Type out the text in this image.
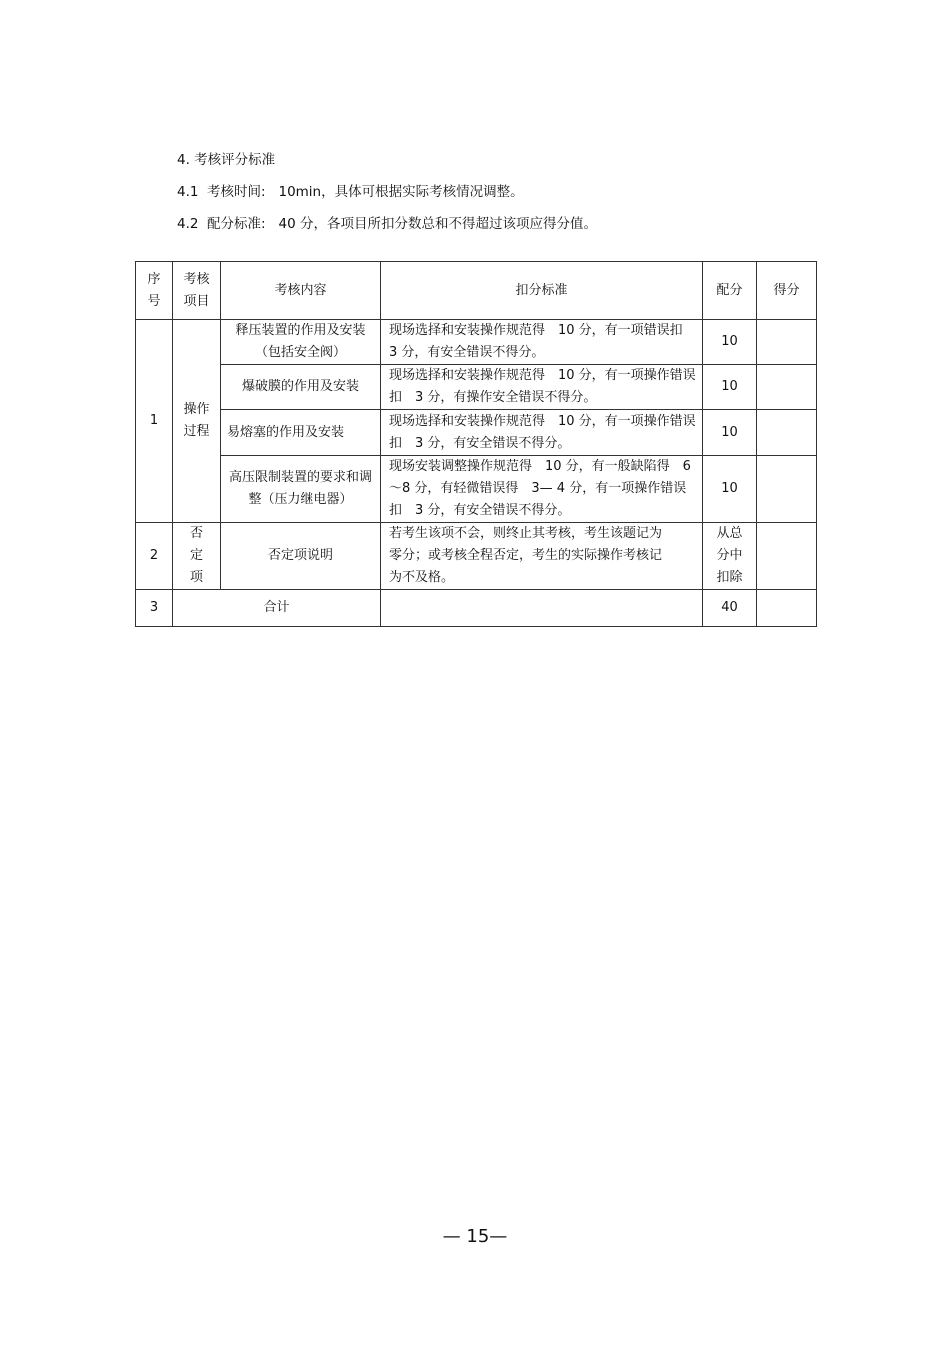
4. 考核评分标准
4.1  考核时间:   10min，具体可根据实际考核情况调整。
4.2  配分标准:   40 分，各项目所扣分数总和不得超过该项应得分值。
序号	考核项目	考核内容	扣分标准	配分	得分
1	操作过程	释压装置的作用及安装（包括安全阀）	现场选择和安装操作规范得　10 分，有一项错误扣　3 分，有安全错误不得分。	10	
		爆破膜的作用及安装	现场选择和安装操作规范得　10 分，有一项操作错误扣　3 分，有操作安全错误不得分。	10	
		易熔塞的作用及安装	现场选择和安装操作规范得　10 分，有一项操作错误扣　3 分，有安全错误不得分。	10	
		高压限制装置的要求和调整（压力继电器）	现场安装调整操作规范得　10 分，有一般缺陷得　6～8 分，有轻微错误得　3— 4 分，有一项操作错误扣　3 分，有安全错误不得分。	10	
2	否定项	否定项说明	若考生该项不会，则终止其考核，考生该题记为零分；或考核全程否定，考生的实际操作考核记为不及格。	从总分中扣除	
3	合计			40	
— 15—
